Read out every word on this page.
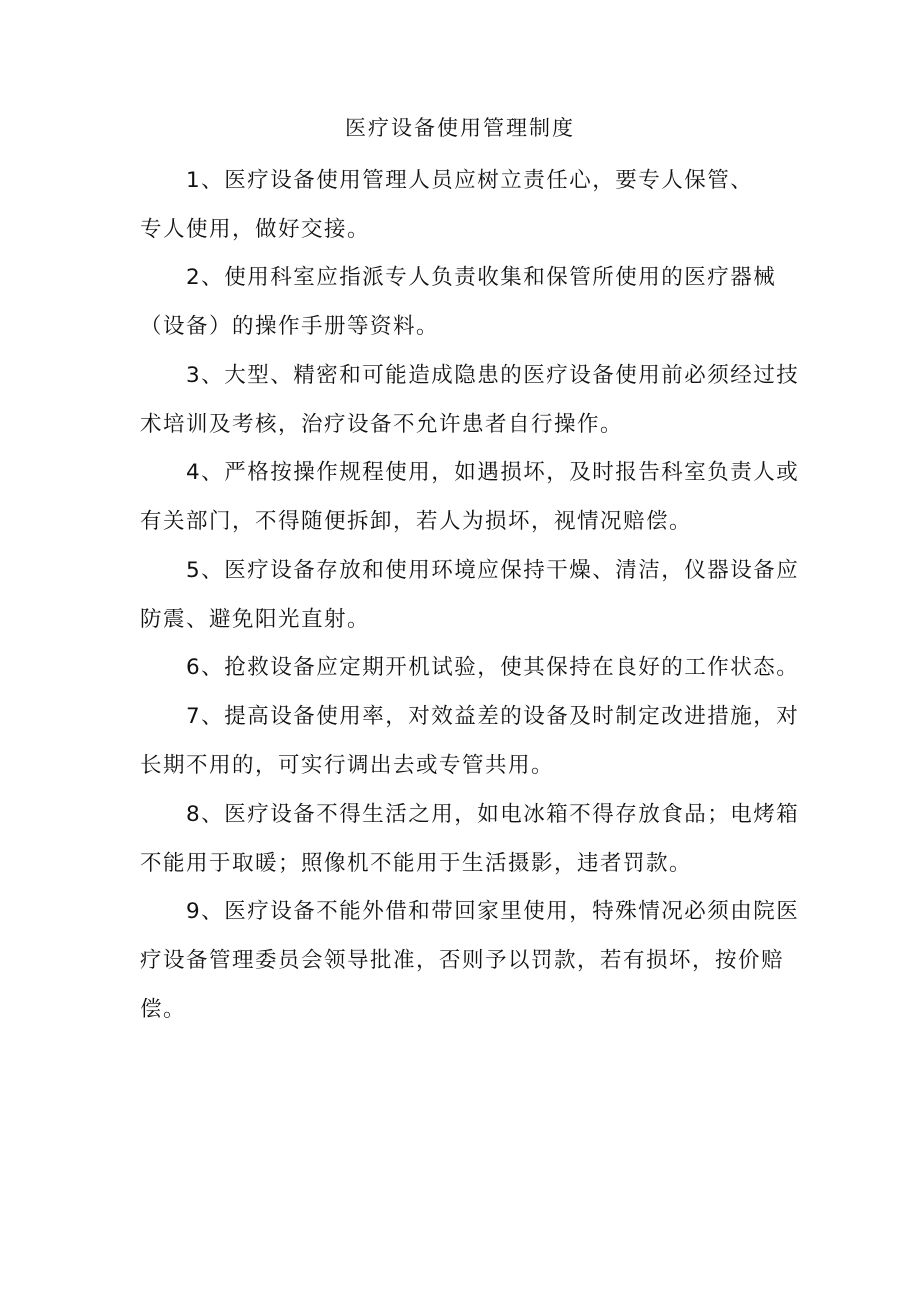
医疗设备使用管理制度

1、医疗设备使用管理人员应树立责任心，要专人保管、专人使用，做好交接。

2、使用科室应指派专人负责收集和保管所使用的医疗器械（设备）的操作手册等资料。

3、大型、精密和可能造成隐患的医疗设备使用前必须经过技术培训及考核，治疗设备不允许患者自行操作。

4、严格按操作规程使用，如遇损坏，及时报告科室负责人或有关部门，不得随便拆卸，若人为损坏，视情况赔偿。

5、医疗设备存放和使用环境应保持干燥、清洁，仪器设备应防震、避免阳光直射。

6、抢救设备应定期开机试验，使其保持在良好的工作状态。

7、提高设备使用率，对效益差的设备及时制定改进措施，对长期不用的，可实行调出去或专管共用。

8、医疗设备不得生活之用，如电冰箱不得存放食品；电烤箱不能用于取暖；照像机不能用于生活摄影，违者罚款。

9、医疗设备不能外借和带回家里使用，特殊情况必须由院医疗设备管理委员会领导批准，否则予以罚款，若有损坏，按价赔偿。
